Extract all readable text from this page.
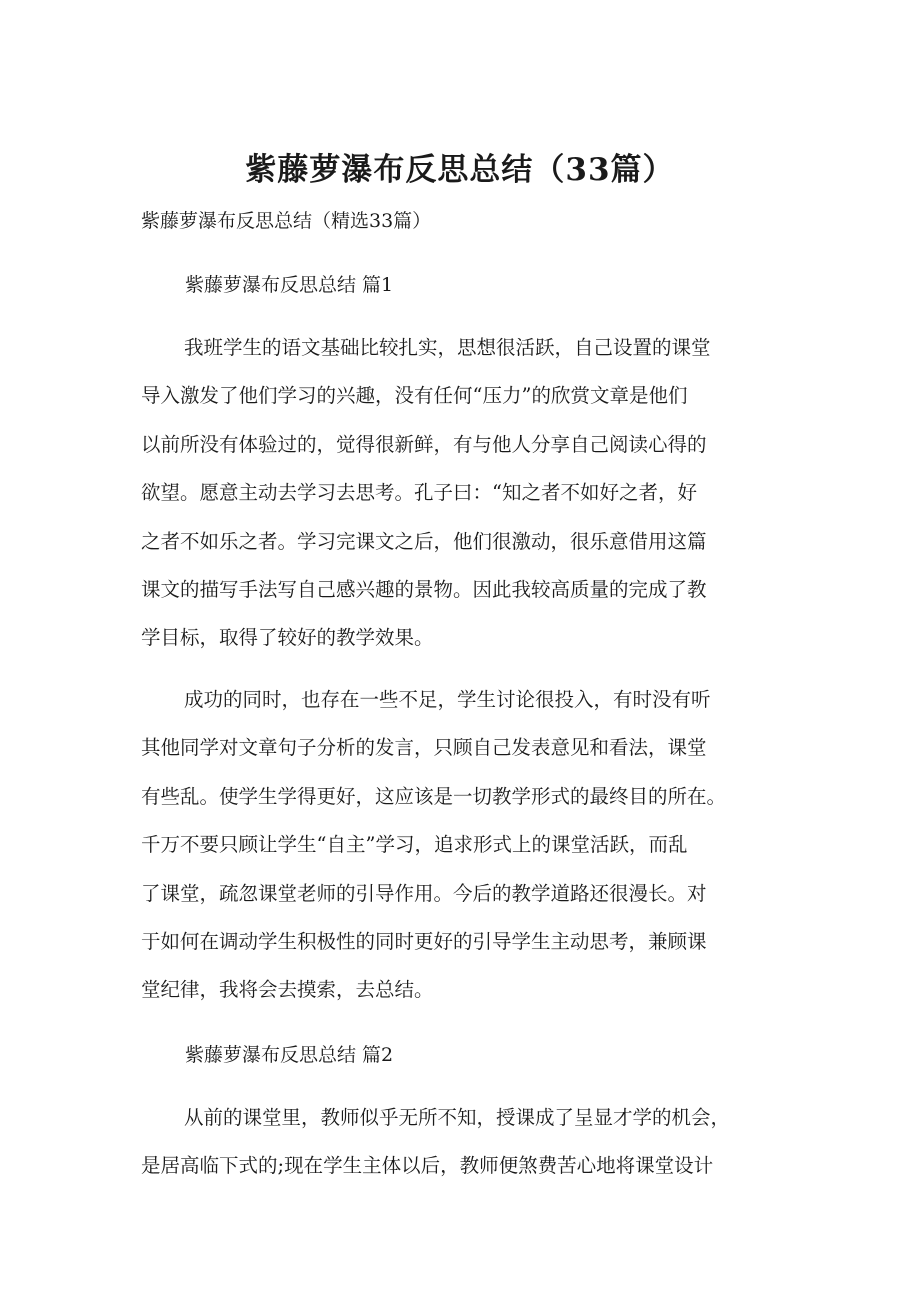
紫藤萝瀑布反思总结（33篇）

紫藤萝瀑布反思总结（精选33篇）

紫藤萝瀑布反思总结 篇1

我班学生的语文基础比较扎实，思想很活跃，自己设置的课堂
导入激发了他们学习的兴趣，没有任何“压力”的欣赏文章是他们
以前所没有体验过的，觉得很新鲜，有与他人分享自己阅读心得的
欲望。愿意主动去学习去思考。孔子曰：“知之者不如好之者，好
之者不如乐之者。学习完课文之后，他们很激动，很乐意借用这篇
课文的描写手法写自己感兴趣的景物。因此我较高质量的完成了教
学目标，取得了较好的教学效果。
成功的同时，也存在一些不足，学生讨论很投入，有时没有听
其他同学对文章句子分析的发言，只顾自己发表意见和看法，课堂
有些乱。使学生学得更好，这应该是一切教学形式的最终目的所在。
千万不要只顾让学生“自主”学习，追求形式上的课堂活跃，而乱
了课堂，疏忽课堂老师的引导作用。今后的教学道路还很漫长。对
于如何在调动学生积极性的同时更好的引导学生主动思考，兼顾课
堂纪律，我将会去摸索，去总结。

紫藤萝瀑布反思总结 篇2

从前的课堂里，教师似乎无所不知，授课成了呈显才学的机会，
是居高临下式的;现在学生主体以后，教师便煞费苦心地将课堂设计
